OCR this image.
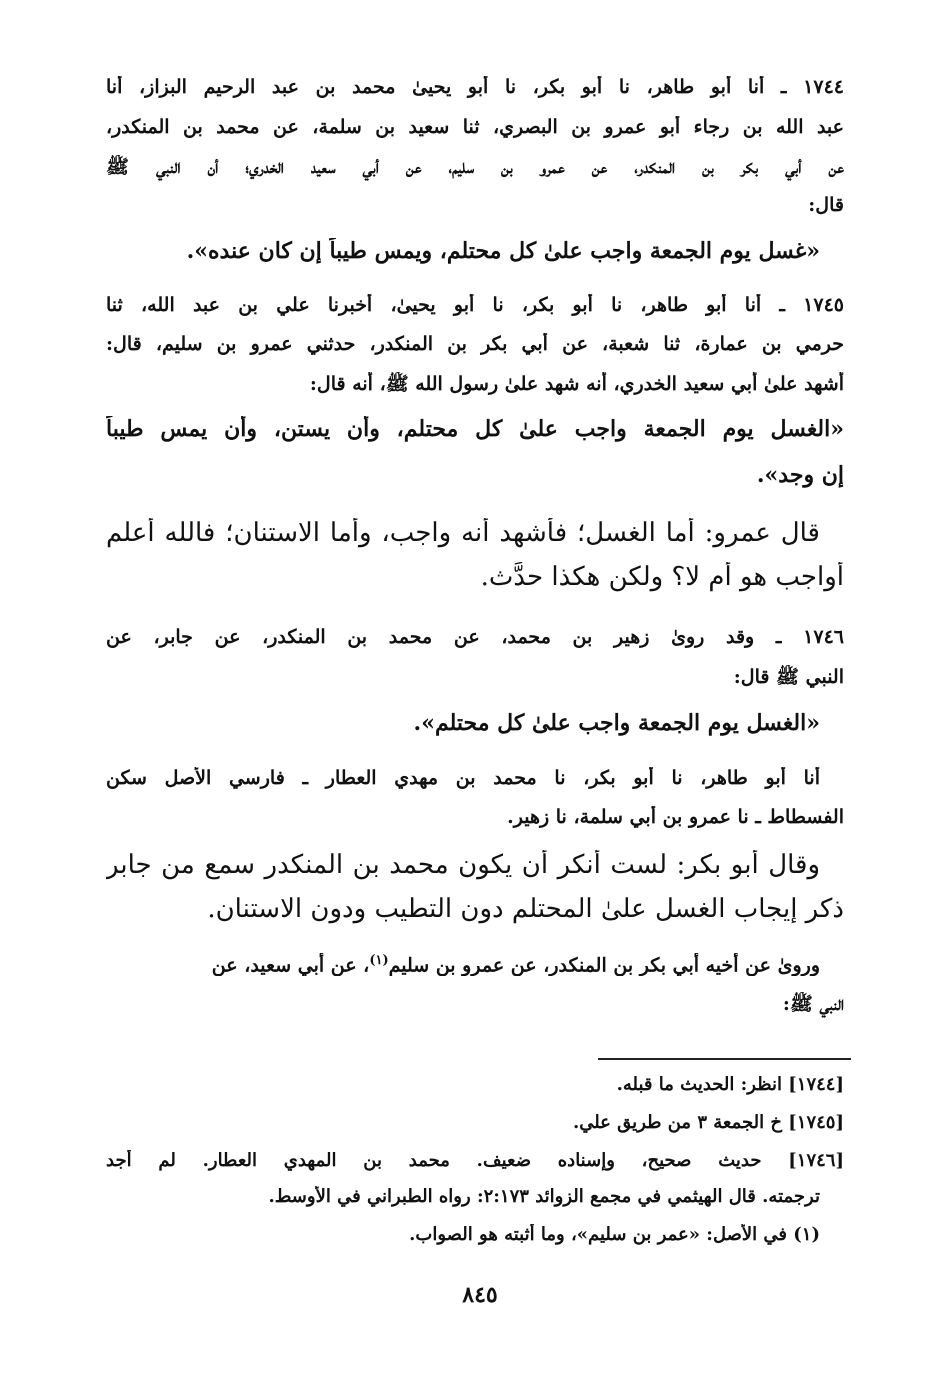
١٧٤٤ ـ أنا أبو طاهر، نا أبو بكر، نا أبو يحيىٰ محمد بن عبد الرحيم البزاز، أنا
عبد الله بن رجاء أبو عمرو بن البصري، ثنا سعيد بن سلمة، عن محمد بن المنكدر،
عن أبي بكر بن المنكدر، عن عمرو بن سليم، عن أبي سعيد الخدري؛ أن النبي ﷺ
قال:
«غسل يوم الجمعة واجب علىٰ كل محتلم، ويمس طيباً إن كان عنده».
١٧٤٥ ـ أنا أبو طاهر، نا أبو بكر، نا أبو يحيىٰ، أخبرنا علي بن عبد الله، ثنا
حرمي بن عمارة، ثنا شعبة، عن أبي بكر بن المنكدر، حدثني عمرو بن سليم، قال:
أشهد علىٰ أبي سعيد الخدري، أنه شهد علىٰ رسول الله ﷺ، أنه قال:
«الغسل يوم الجمعة واجب علىٰ كل محتلم، وأن يستن، وأن يمس طيباً
إن وجد».
قال عمرو: أما الغسل؛ فأشهد أنه واجب، وأما الاستنان؛ فالله أعلم
أواجب هو أم لا؟ ولكن هكذا حدَّث.
١٧٤٦ ـ وقد رویٰ زهير بن محمد، عن محمد بن المنكدر، عن جابر، عن
النبي ﷺ قال:
«الغسل يوم الجمعة واجب علىٰ كل محتلم».
أنا أبو طاهر، نا أبو بكر، نا محمد بن مهدي العطار ـ فارسي الأصل سكن
الفسطاط ـ نا عمرو بن أبي سلمة، نا زهير.
وقال أبو بكر: لست أنكر أن يكون محمد بن المنكدر سمع من جابر
ذكر إيجاب الغسل علىٰ المحتلم دون التطيب ودون الاستنان.
ورویٰ عن أخيه أبي بكر بن المنكدر، عن عمرو بن سليم$^{(١)}$، عن أبي سعيد، عن
النبي ﷺ:
[١٧٤٤] انظر: الحديث ما قبله.
[١٧٤٥] خ الجمعة ٣ من طريق علي.
[١٧٤٦] حديث صحيح، وإسناده ضعيف. محمد بن المهدي العطار. لم أجد
ترجمته. قال الهيثمي في مجمع الزوائد ٢:١٧٣: رواه الطبراني في الأوسط.
(١) في الأصل: «عمر بن سليم»، وما أثبته هو الصواب.
٨٤٥
